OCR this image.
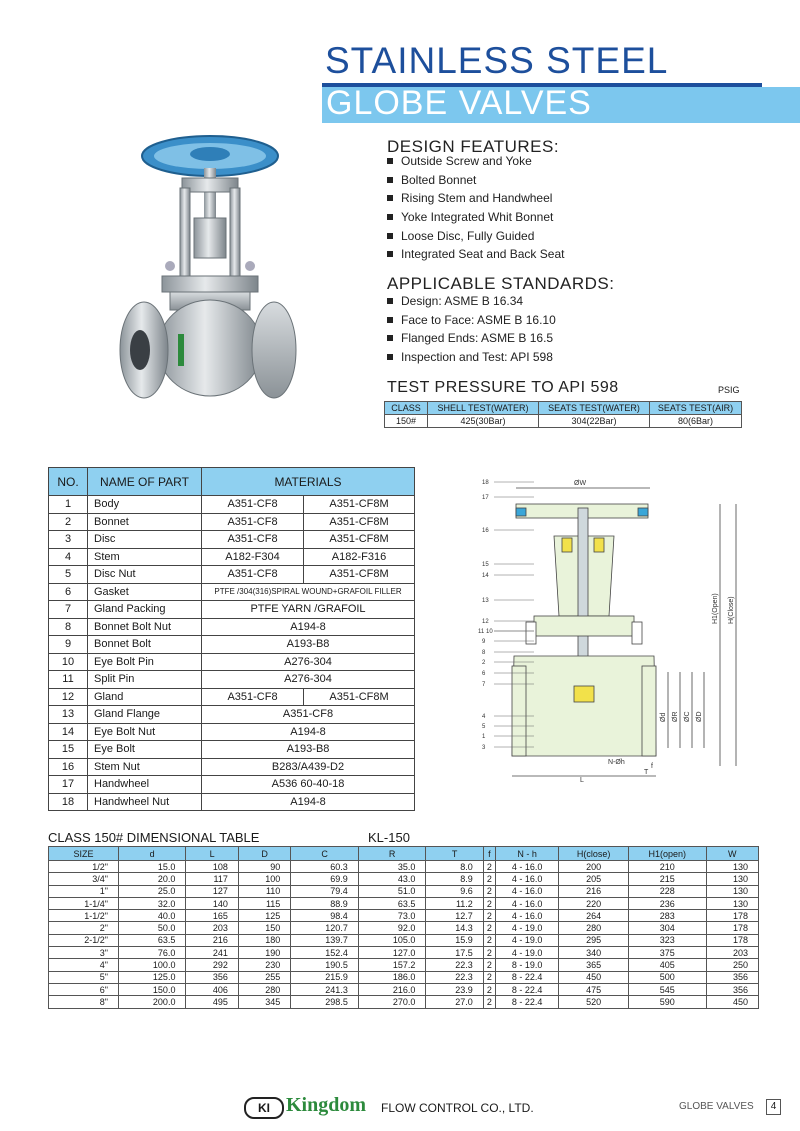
STAINLESS STEEL
GLOBE VALVES
DESIGN FEATURES:
Outside Screw and Yoke
Bolted Bonnet
Rising Stem and Handwheel
Yoke Integrated Whit Bonnet
Loose Disc, Fully Guided
Integrated Seat and Back Seat
APPLICABLE STANDARDS:
Design: ASME B 16.34
Face to Face: ASME B 16.10
Flanged Ends: ASME B 16.5
Inspection and Test: API 598
TEST PRESSURE TO API 598	PSIG
CLASS	SHELL TEST(WATER)	SEATS TEST(WATER)	SEATS TEST(AIR)
150#	425(30Bar)	304(22Bar)	80(6Bar)
NO.	NAME OF PART	MATERIALS	
1	Body	A351-CF8	A351-CF8M
2	Bonnet	A351-CF8	A351-CF8M
3	Disc	A351-CF8	A351-CF8M
4	Stem	A182-F304	A182-F316
5	Disc Nut	A351-CF8	A351-CF8M
6	Gasket	PTFE /304(316)SPIRAL WOUND+GRAFOIL FILLER	
7	Gland Packing	PTFE YARN /GRAFOIL	
8	Bonnet Bolt Nut	A194-8	
9	Bonnet Bolt	A193-B8	
10	Eye Bolt Pin	A276-304	
11	Split Pin	A276-304	
12	Gland	A351-CF8	A351-CF8M
13	Gland Flange	A351-CF8	
14	Eye Bolt Nut	A194-8	
15	Eye Bolt	A193-B8	
16	Stem Nut	B283/A439-D2	
17	Handwheel	A536 60-40-18	
18	Handwheel Nut	A194-8	
18
17
16
15
14
13
12
11 10
9
8
2
6
7
4
5
1
3
ØW
H1(Open) H(Close)
Ød ØR ØC ØD
N-Øh
f
T
L
CLASS 150# DIMENSIONAL TABLE	KL-150
SIZE	d	L	D	C	R	T	f	N - h	H(close)	H1(open)	W
1/2"	15.0	108	90	60.3	35.0	8.0	2	4 - 16.0	200	210	130
3/4"	20.0	117	100	69.9	43.0	8.9	2	4 - 16.0	205	215	130
1"	25.0	127	110	79.4	51.0	9.6	2	4 - 16.0	216	228	130
1-1/4"	32.0	140	115	88.9	63.5	11.2	2	4 - 16.0	220	236	130
1-1/2"	40.0	165	125	98.4	73.0	12.7	2	4 - 16.0	264	283	178
2"	50.0	203	150	120.7	92.0	14.3	2	4 - 19.0	280	304	178
2-1/2"	63.5	216	180	139.7	105.0	15.9	2	4 - 19.0	295	323	178
3"	76.0	241	190	152.4	127.0	17.5	2	4 - 19.0	340	375	203
4"	100.0	292	230	190.5	157.2	22.3	2	8 - 19.0	365	405	250
5"	125.0	356	255	215.9	186.0	22.3	2	8 - 22.4	450	500	356
6"	150.0	406	280	241.3	216.0	23.9	2	8 - 22.4	475	545	356
8"	200.0	495	345	298.5	270.0	27.0	2	8 - 22.4	520	590	450
KI Kingdom FLOW CONTROL CO., LTD.	GLOBE VALVES	4
